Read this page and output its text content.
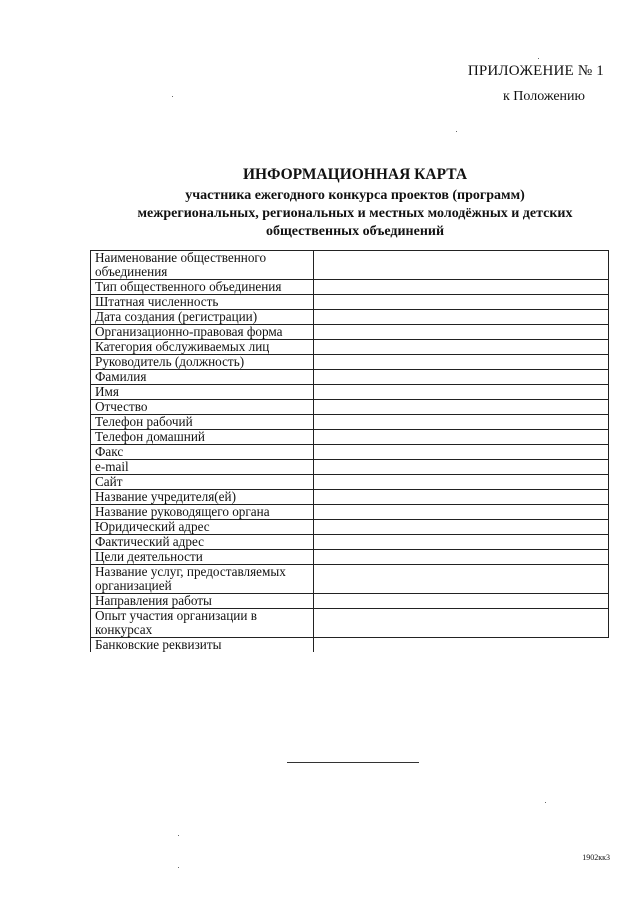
ПРИЛОЖЕНИЕ № 1
к Положению
ИНФОРМАЦИОННАЯ КАРТА
участника ежегодного конкурса проектов (программ)
межрегиональных, региональных и местных молодёжных и детских
общественных объединений
Наименование общественного объединения	
Тип общественного объединения	
Штатная численность	
Дата создания (регистрации)	
Организационно-правовая форма	
Категория обслуживаемых лиц	
Руководитель (должность)	
Фамилия	
Имя	
Отчество	
Телефон рабочий	
Телефон домашний	
Факс	
e-mail	
Сайт	
Название учредителя(ей)	
Название руководящего органа	
Юридический адрес	
Фактический адрес	
Цели деятельности	
Название услуг, предоставляемых организацией	
Направления работы	
Опыт участия организации в конкурсах	
Банковские реквизиты	
1902кк3
